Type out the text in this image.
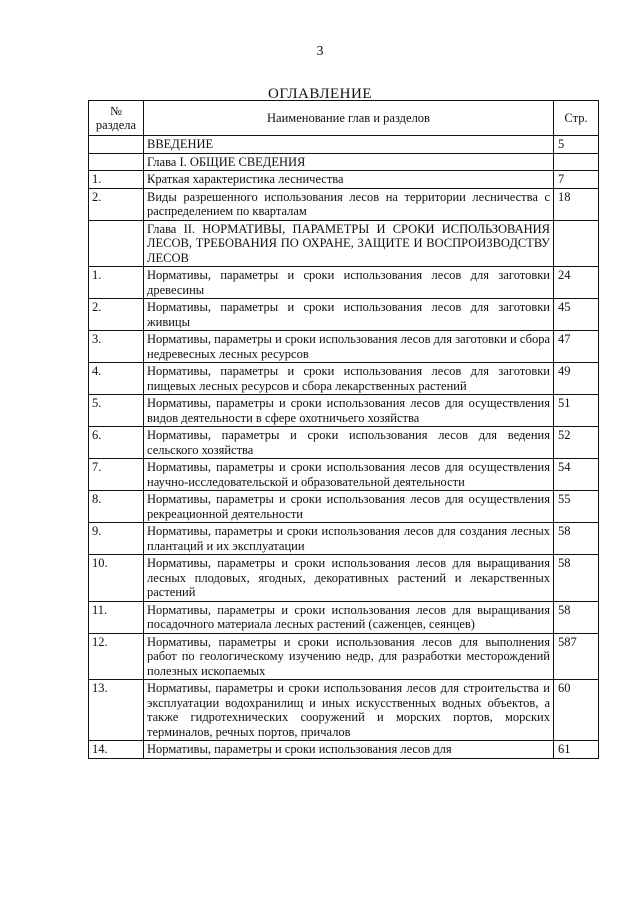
3
ОГЛАВЛЕНИЕ
№ раздела	Наименование глав и разделов	Стр.
	ВВЕДЕНИЕ	5
	Глава I. ОБЩИЕ СВЕДЕНИЯ	
1.	Краткая характеристика лесничества	7
2.	Виды разрешенного использования лесов на территории лесничества с распределением по кварталам	18
	Глава II. НОРМАТИВЫ, ПАРАМЕТРЫ И СРОКИ ИСПОЛЬЗОВАНИЯ ЛЕСОВ, ТРЕБОВАНИЯ ПО ОХРАНЕ, ЗАЩИТЕ И ВОСПРОИЗВОДСТВУ ЛЕСОВ	
1.	Нормативы, параметры и сроки использования лесов для заготовки древесины	24
2.	Нормативы, параметры и сроки использования лесов для заготовки живицы	45
3.	Нормативы, параметры и сроки использования лесов для заготовки и сбора недревесных лесных ресурсов	47
4.	Нормативы, параметры и сроки использования лесов для заготовки пищевых лесных ресурсов и сбора лекарственных растений	49
5.	Нормативы, параметры и сроки использования лесов для осуществления видов деятельности в сфере охотничьего хозяйства	51
6.	Нормативы, параметры и сроки использования лесов для ведения сельского хозяйства	52
7.	Нормативы, параметры и сроки использования лесов для осуществления научно-исследовательской и образовательной деятельности	54
8.	Нормативы, параметры и сроки использования лесов для осуществления рекреационной деятельности	55
9.	Нормативы, параметры и сроки использования лесов для создания лесных плантаций и их эксплуатации	58
10.	Нормативы, параметры и сроки использования лесов для выращивания лесных плодовых, ягодных, декоративных растений и лекарственных растений	58
11.	Нормативы, параметры и сроки использования лесов для выращивания посадочного материала лесных растений (саженцев, сеянцев)	58
12.	Нормативы, параметры и сроки использования лесов для выполнения работ по геологическому изучению недр, для разработки месторождений полезных ископаемых	587
13.	Нормативы, параметры и сроки использования лесов для строительства и эксплуатации водохранилищ и иных искусственных водных объектов, а также гидротехнических сооружений и морских портов, морских терминалов, речных портов, причалов	60
14.	Нормативы, параметры и сроки использования лесов для	61
